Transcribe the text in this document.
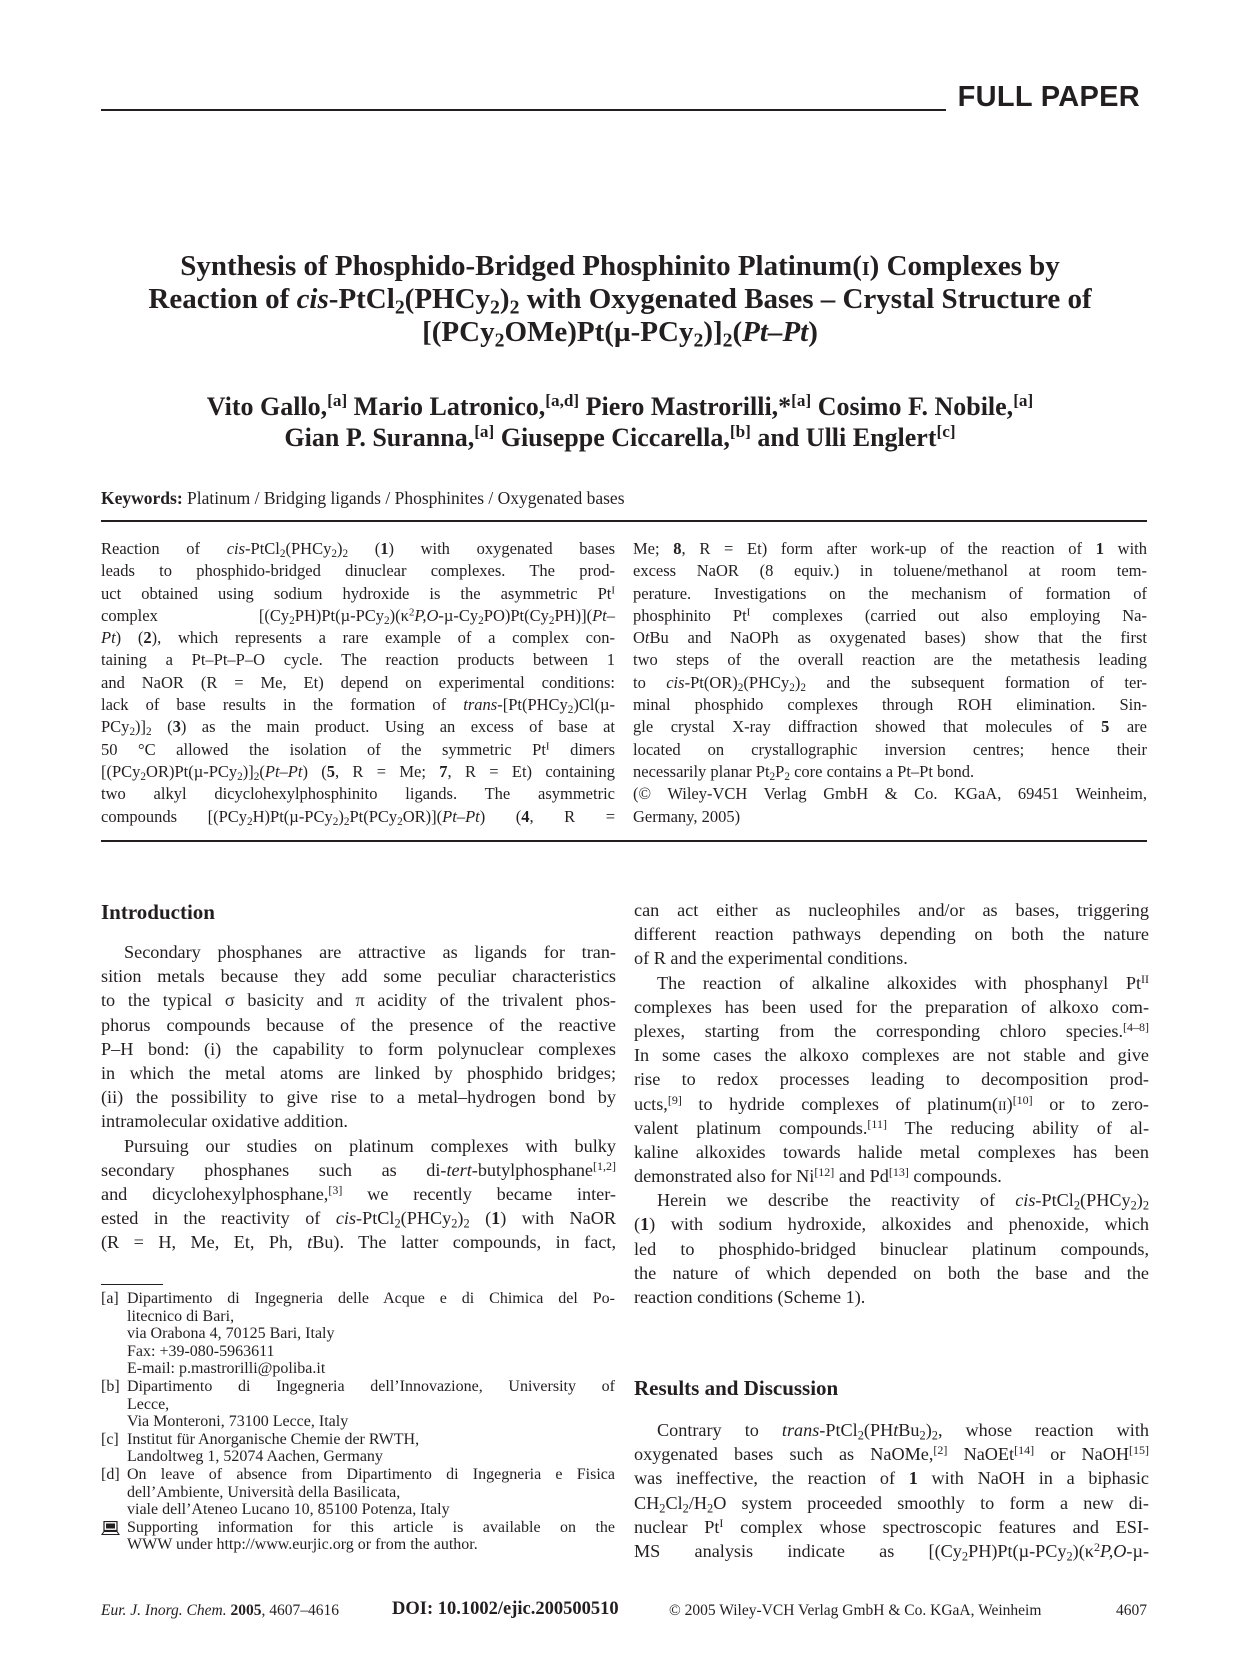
FULL PAPER
Synthesis of Phosphido-Bridged Phosphinito Platinum(i) Complexes by
Reaction of cis-$PtCl_2(PHCy_2)_2$ with Oxygenated Bases – Crystal Structure of
$[(PCy_2OMe)Pt(\mu-PCy_2)]_2(Pt-Pt)$
Vito Gallo,[a] Mario Latronico,[a,d] Piero Mastrorilli,*[a] Cosimo F. Nobile,[a]
Gian P. Suranna,[a] Giuseppe Ciccarella,[b] and Ulli Englert[c]
Keywords: Platinum / Bridging ligands / Phosphinites / Oxygenated bases
Reaction of cis-$PtCl_2(PHCy_2)_2$ (1) with oxygenated bases
leads to phosphido-bridged dinuclear complexes. The prod-
uct obtained using sodium hydroxide is the asymmetric $Pt^I$
complex $[(Cy_2PH)Pt(\mu-PCy_2)(\kappa^2P,O-\mu-Cy_2PO)Pt(Cy_2PH)](Pt-$
Pt) (2), which represents a rare example of a complex con-
taining a Pt–Pt–P–O cycle. The reaction products between 1
and NaOR (R = Me, Et) depend on experimental conditions:
lack of base results in the formation of trans-[Pt(PHCy$_2$)Cl(µ-
$PCy_2)]_2$ (3) as the main product. Using an excess of base at
50 °C allowed the isolation of the symmetric $Pt^I$ dimers
$[(PCy_2OR)Pt(\mu-PCy_2)]_2(Pt-Pt)$ (5, R = Me; 7, R = Et) containing
two alkyl dicyclohexylphosphinito ligands. The asymmetric
compounds $[(PCy_2H)Pt(\mu-PCy_2)_2Pt(PCy_2OR)](Pt-Pt)$ (4, R =
Me; 8, R = Et) form after work-up of the reaction of 1 with
excess NaOR (8 equiv.) in toluene/methanol at room tem-
perature. Investigations on the mechanism of formation of
phosphinito $Pt^I$ complexes (carried out also employing Na-
OtBu and NaOPh as oxygenated bases) show that the first
two steps of the overall reaction are the metathesis leading
to cis-$Pt(OR)_2(PHCy_2)_2$ and the subsequent formation of ter-
minal phosphido complexes through ROH elimination. Sin-
gle crystal X-ray diffraction showed that molecules of 5 are
located on crystallographic inversion centres; hence their
necessarily planar $Pt_2P_2$ core contains a Pt–Pt bond.
(© Wiley-VCH Verlag GmbH & Co. KGaA, 69451 Weinheim,
Germany, 2005)
Introduction
Secondary phosphanes are attractive as ligands for tran-
sition metals because they add some peculiar characteristics
to the typical σ basicity and π acidity of the trivalent phos-
phorus compounds because of the presence of the reactive
P–H bond: (i) the capability to form polynuclear complexes
in which the metal atoms are linked by phosphido bridges;
(ii) the possibility to give rise to a metal–hydrogen bond by
intramolecular oxidative addition.
Pursuing our studies on platinum complexes with bulky
secondary phosphanes such as di-tert-butylphosphane[1,2]
and dicyclohexylphosphane,[3] we recently became inter-
ested in the reactivity of cis-$PtCl_2(PHCy_2)_2$ (1) with NaOR
(R = H, Me, Et, Ph, tBu). The latter compounds, in fact,
can act either as nucleophiles and/or as bases, triggering
different reaction pathways depending on both the nature
of R and the experimental conditions.
The reaction of alkaline alkoxides with phosphanyl $Pt^{II}$
complexes has been used for the preparation of alkoxo com-
plexes, starting from the corresponding chloro species.[4–8]
In some cases the alkoxo complexes are not stable and give
rise to redox processes leading to decomposition prod-
ucts,[9] to hydride complexes of platinum(ii)[10] or to zero-
valent platinum compounds.[11] The reducing ability of al-
kaline alkoxides towards halide metal complexes has been
demonstrated also for Ni[12] and Pd[13] compounds.
Herein we describe the reactivity of cis-$PtCl_2(PHCy_2)_2$
(1) with sodium hydroxide, alkoxides and phenoxide, which
led to phosphido-bridged binuclear platinum compounds,
the nature of which depended on both the base and the
reaction conditions (Scheme 1).
Results and Discussion
Contrary to trans-$PtCl_2(PHtBu_2)_2$, whose reaction with
oxygenated bases such as NaOMe,[2] NaOEt[14] or NaOH[15]
was ineffective, the reaction of 1 with NaOH in a biphasic
$CH_2Cl_2/H_2O$ system proceeded smoothly to form a new di-
nuclear $Pt^I$ complex whose spectroscopic features and ESI-
MS analysis indicate as [$(Cy_2PH)Pt(\mu-PCy_2)(\kappa^2P,O-\mu-$
[a] Dipartimento di Ingegneria delle Acque e di Chimica del Po-
litecnico di Bari,
via Orabona 4, 70125 Bari, Italy
Fax: +39-080-5963611
E-mail: p.mastrorilli@poliba.it
[b] Dipartimento di Ingegneria dell’Innovazione, University of
Lecce,
Via Monteroni, 73100 Lecce, Italy
[c] Institut für Anorganische Chemie der RWTH,
Landoltweg 1, 52074 Aachen, Germany
[d] On leave of absence from Dipartimento di Ingegneria e Fisica
dell’Ambiente, Università della Basilicata,
viale dell’Ateneo Lucano 10, 85100 Potenza, Italy
Supporting information for this article is available on the
WWW under http://www.eurjic.org or from the author.
Eur. J. Inorg. Chem. 2005 , 4607–4616	DOI: 10.1002/ejic.200500510	© 2005 Wiley-VCH Verlag GmbH & Co. KGaA, Weinheim	4607
